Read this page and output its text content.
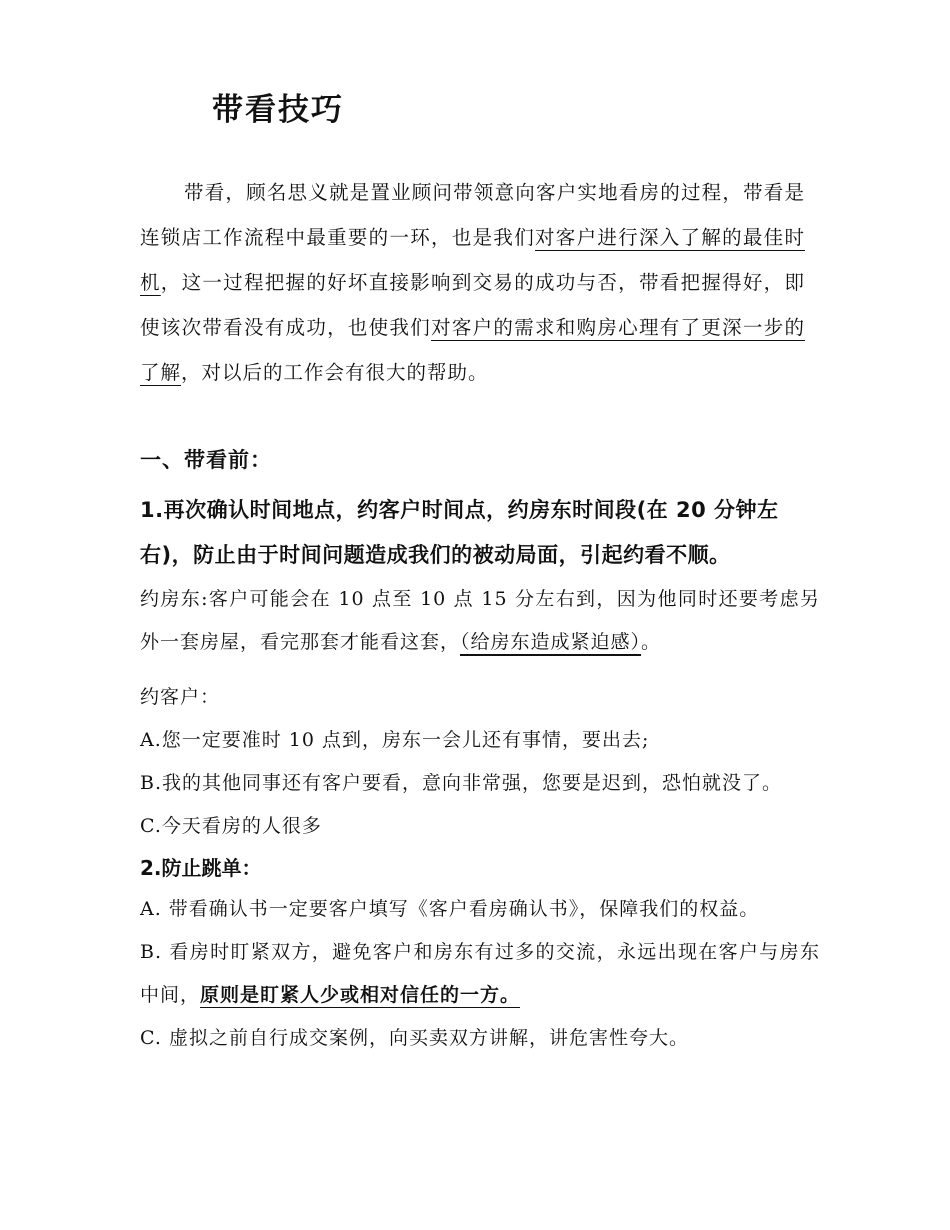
带看技巧
带看，顾名思义就是置业顾问带领意向客户实地看房的过程，带看是连锁店工作流程中最重要的一环，也是我们对客户进行深入了解的最佳时机，这一过程把握的好坏直接影响到交易的成功与否，带看把握得好，即使该次带看没有成功，也使我们对客户的需求和购房心理有了更深一步的了解，对以后的工作会有很大的帮助。
一、带看前：
1.再次确认时间地点，约客户时间点，约房东时间段(在 20 分钟左右)，防止由于时间问题造成我们的被动局面，引起约看不顺。

约房东:客户可能会在 10 点至 10 点 15 分左右到，因为他同时还要考虑另外一套房屋，看完那套才能看这套，（给房东造成紧迫感）。

约客户：

A.您一定要准时 10 点到，房东一会儿还有事情，要出去;

B.我的其他同事还有客户要看，意向非常强，您要是迟到，恐怕就没了。

C.今天看房的人很多

2.防止跳单：

A. 带看确认书一定要客户填写《客户看房确认书》，保障我们的权益。

B. 看房时盯紧双方，避免客户和房东有过多的交流，永远出现在客户与房东中间，原则是盯紧人少或相对信任的一方。

C. 虚拟之前自行成交案例，向买卖双方讲解，讲危害性夸大。
